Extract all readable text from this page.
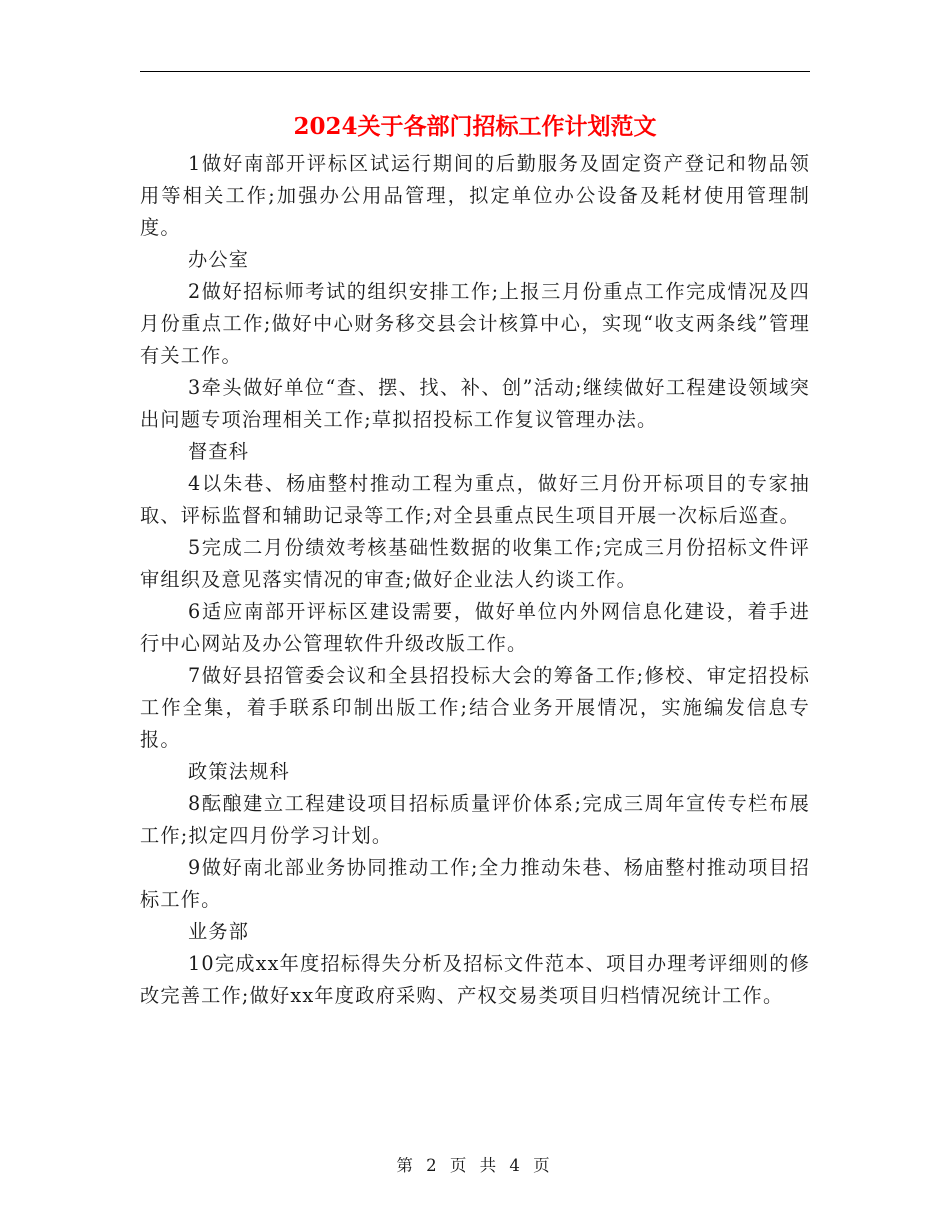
2024关于各部门招标工作计划范文

1做好南部开评标区试运行期间的后勤服务及固定资产登记和物品领用等相关工作;加强办公用品管理，拟定单位办公设备及耗材使用管理制度。

办公室

2做好招标师考试的组织安排工作;上报三月份重点工作完成情况及四月份重点工作;做好中心财务移交县会计核算中心，实现“收支两条线”管理有关工作。

3牵头做好单位“查、摆、找、补、创”活动;继续做好工程建设领域突出问题专项治理相关工作;草拟招投标工作复议管理办法。

督查科

4以朱巷、杨庙整村推动工程为重点，做好三月份开标项目的专家抽取、评标监督和辅助记录等工作;对全县重点民生项目开展一次标后巡查。

5完成二月份绩效考核基础性数据的收集工作;完成三月份招标文件评审组织及意见落实情况的审查;做好企业法人约谈工作。

6适应南部开评标区建设需要，做好单位内外网信息化建设，着手进行中心网站及办公管理软件升级改版工作。

7做好县招管委会议和全县招投标大会的筹备工作;修校、审定招投标工作全集，着手联系印制出版工作;结合业务开展情况，实施编发信息专报。

政策法规科

8酝酿建立工程建设项目招标质量评价体系;完成三周年宣传专栏布展工作;拟定四月份学习计划。

9做好南北部业务协同推动工作;全力推动朱巷、杨庙整村推动项目招标工作。

业务部

10完成xx年度招标得失分析及招标文件范本、项目办理考评细则的修改完善工作;做好xx年度政府采购、产权交易类项目归档情况统计工作。

第 2 页 共 4 页
